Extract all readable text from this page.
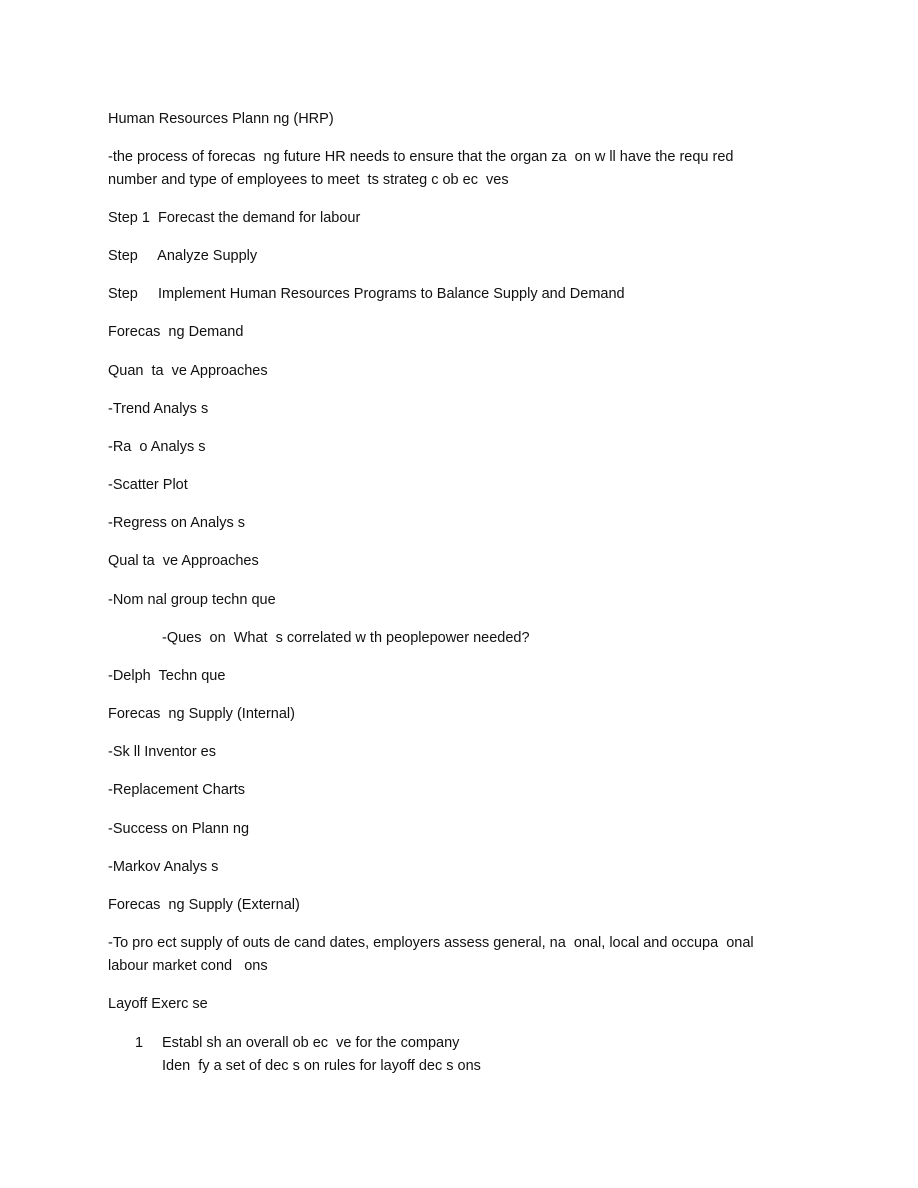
Human Resources Plann ng (HRP)
-the process of forecas  ng future HR needs to ensure that the organ za  on w ll have the requ red
number and type of employees to meet  ts strateg c ob ec  ves
Step 1  Forecast the demand for labour
Step     Analyze Supply
Step     Implement Human Resources Programs to Balance Supply and Demand
Forecas  ng Demand
Quan  ta  ve Approaches
-Trend Analys s
-Ra  o Analys s
-Scatter Plot
-Regress on Analys s
Qual ta  ve Approaches
-Nom nal group techn que
-Ques  on  What  s correlated w th peoplepower needed?
-Delph  Techn que
Forecas  ng Supply (Internal)
-Sk ll Inventor es
-Replacement Charts
-Success on Plann ng
-Markov Analys s
Forecas  ng Supply (External)
-To pro ect supply of outs de cand dates, employers assess general, na  onal, local and occupa  onal
labour market cond   ons
Layoff Exerc se
1 Establ sh an overall ob ec  ve for the company
Iden  fy a set of dec s on rules for layoff dec s ons
